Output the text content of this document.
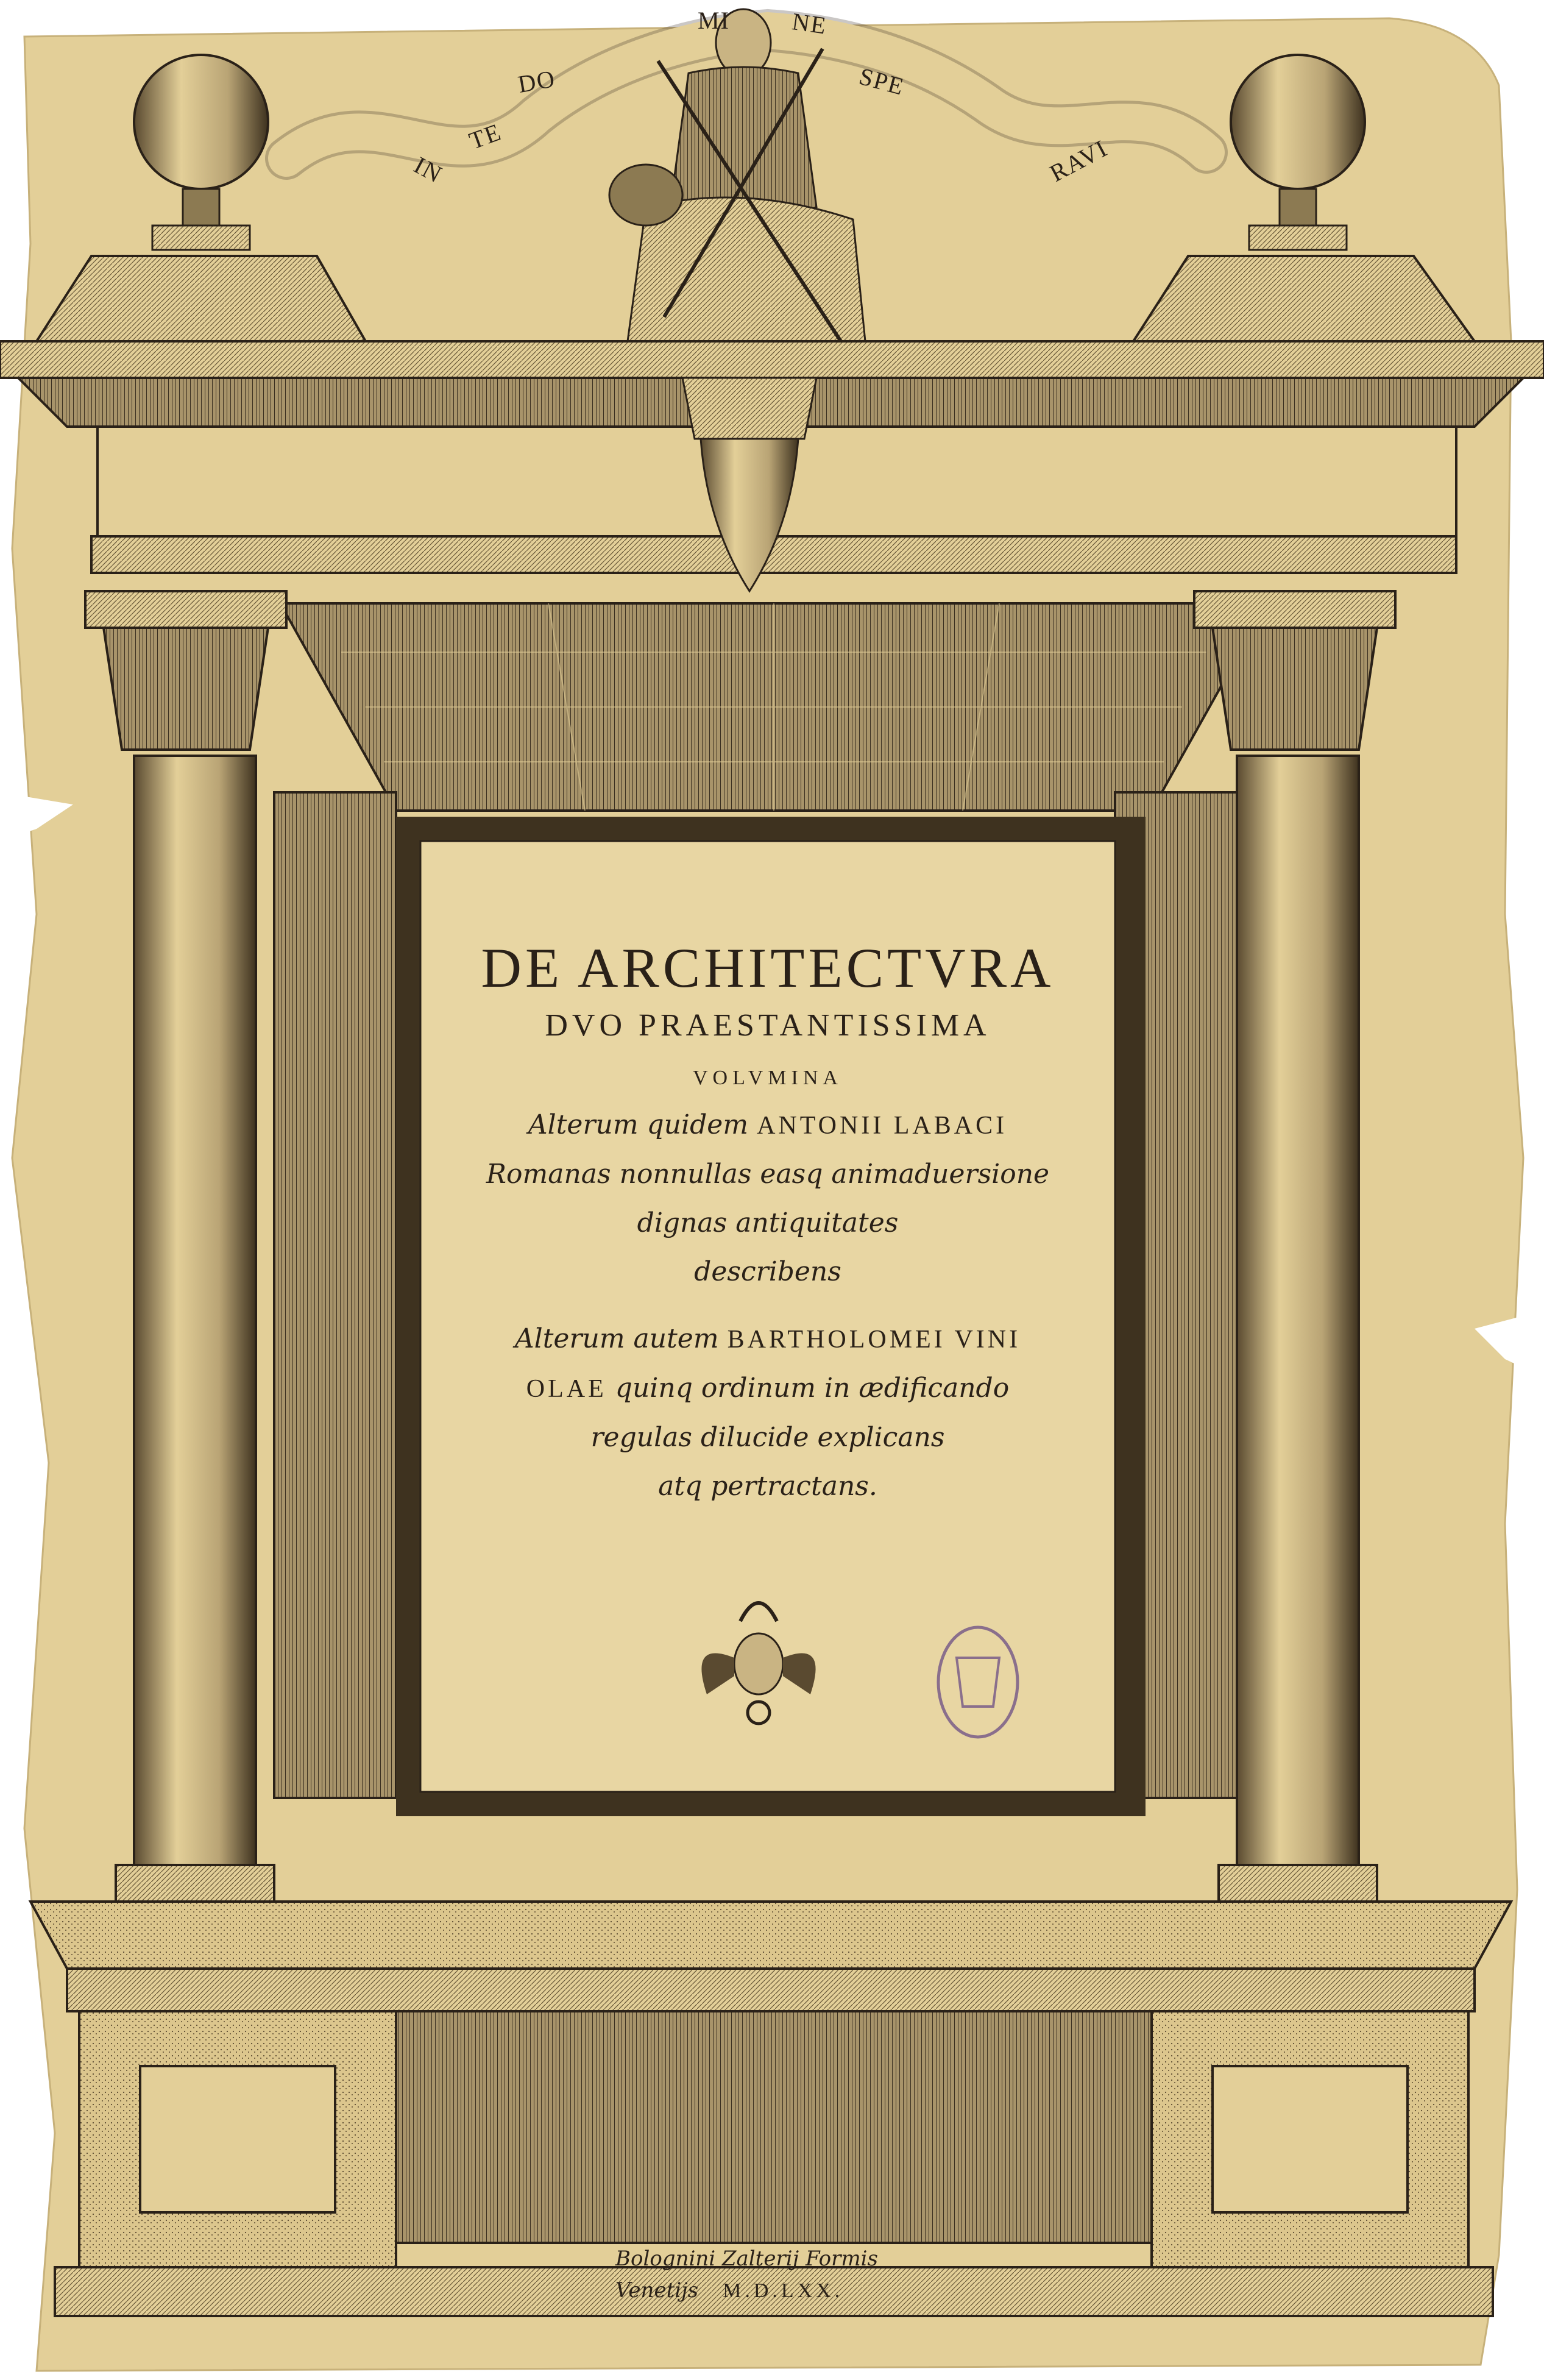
IN
TE
DO
MI NE
SPE
RAVI
DE ARCHITECTVRA
DVO PRAESTANTISSIMA
VOLVMINA
Alterum quidem ANTONII LABACI
Romanas nonnullas easq animaduersione
dignas antiquitates
describens
Alterum autem BARTHOLOMEI VINI
OLAE quinq ordinum in ædificando
regulas dilucide explicans
atq pertractans.
Bolognini Zalterij Formis
Venetijs M.D.LXX.
